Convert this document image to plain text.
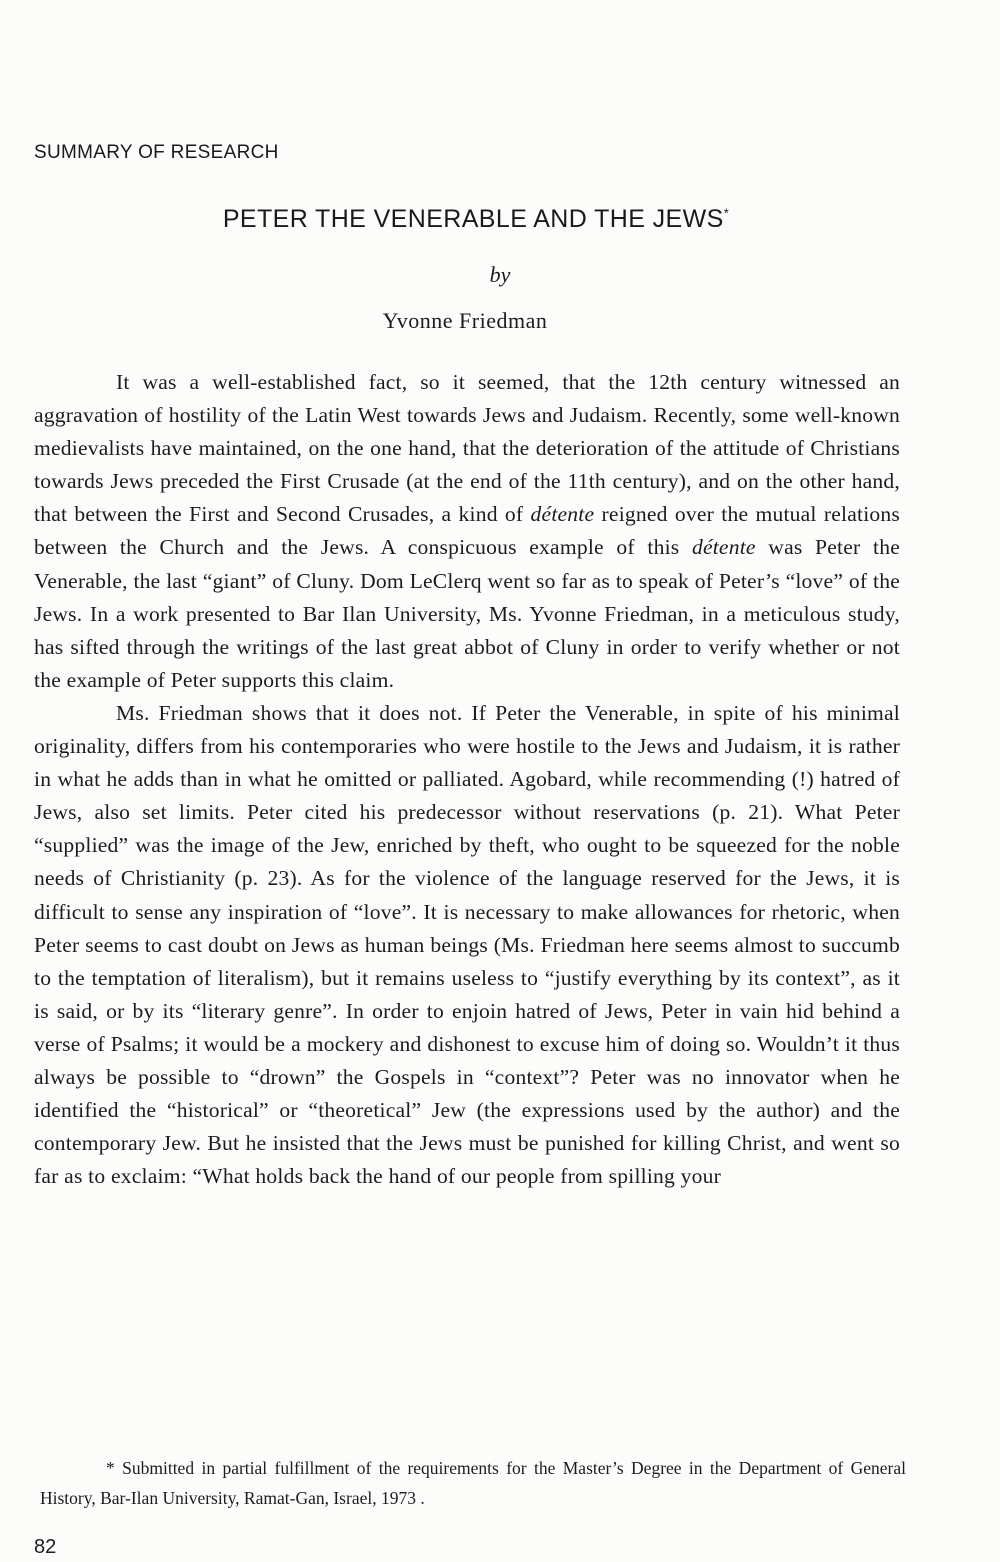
SUMMARY OF RESEARCH
PETER THE VENERABLE AND THE JEWS*
by
Yvonne Friedman

It was a well-established fact, so it seemed, that the 12th century witnessed an aggravation of hostility of the Latin West towards Jews and Judaism. Recently, some well-known medievalists have maintained, on the one hand, that the deterioration of the attitude of Christians towards Jews preceded the First Crusade (at the end of the 11th century), and on the other hand, that between the First and Second Crusades, a kind of détente reigned over the mutual relations between the Church and the Jews. A conspicuous example of this détente was Peter the Venerable, the last “giant” of Cluny. Dom LeClerq went so far as to speak of Peter’s “love” of the Jews. In a work presented to Bar Ilan University, Ms. Yvonne Friedman, in a meticulous study, has sifted through the writings of the last great abbot of Cluny in order to verify whether or not the example of Peter supports this claim.

Ms. Friedman shows that it does not. If Peter the Venerable, in spite of his minimal originality, differs from his contemporaries who were hostile to the Jews and Judaism, it is rather in what he adds than in what he omitted or palliated. Agobard, while recommending (!) hatred of Jews, also set limits. Peter cited his predecessor without reservations (p. 21). What Peter “supplied” was the image of the Jew, enriched by theft, who ought to be squeezed for the noble needs of Christianity (p. 23). As for the violence of the language reserved for the Jews, it is difficult to sense any inspiration of “love”. It is necessary to make allowances for rhetoric, when Peter seems to cast doubt on Jews as human beings (Ms. Friedman here seems almost to succumb to the temptation of literalism), but it remains useless to “justify everything by its context”, as it is said, or by its “literary genre”. In order to enjoin hatred of Jews, Peter in vain hid behind a verse of Psalms; it would be a mockery and dishonest to excuse him of doing so. Wouldn’t it thus always be possible to “drown” the Gospels in “context”? Peter was no innovator when he identified the “historical” or “theoretical” Jew (the expressions used by the author) and the contemporary Jew. But he insisted that the Jews must be punished for killing Christ, and went so far as to exclaim: “What holds back the hand of our people from spilling your

* Submitted in partial fulfillment of the requirements for the Master’s Degree in the Department of General History, Bar-Ilan University, Ramat-Gan, Israel, 1973 .
82
